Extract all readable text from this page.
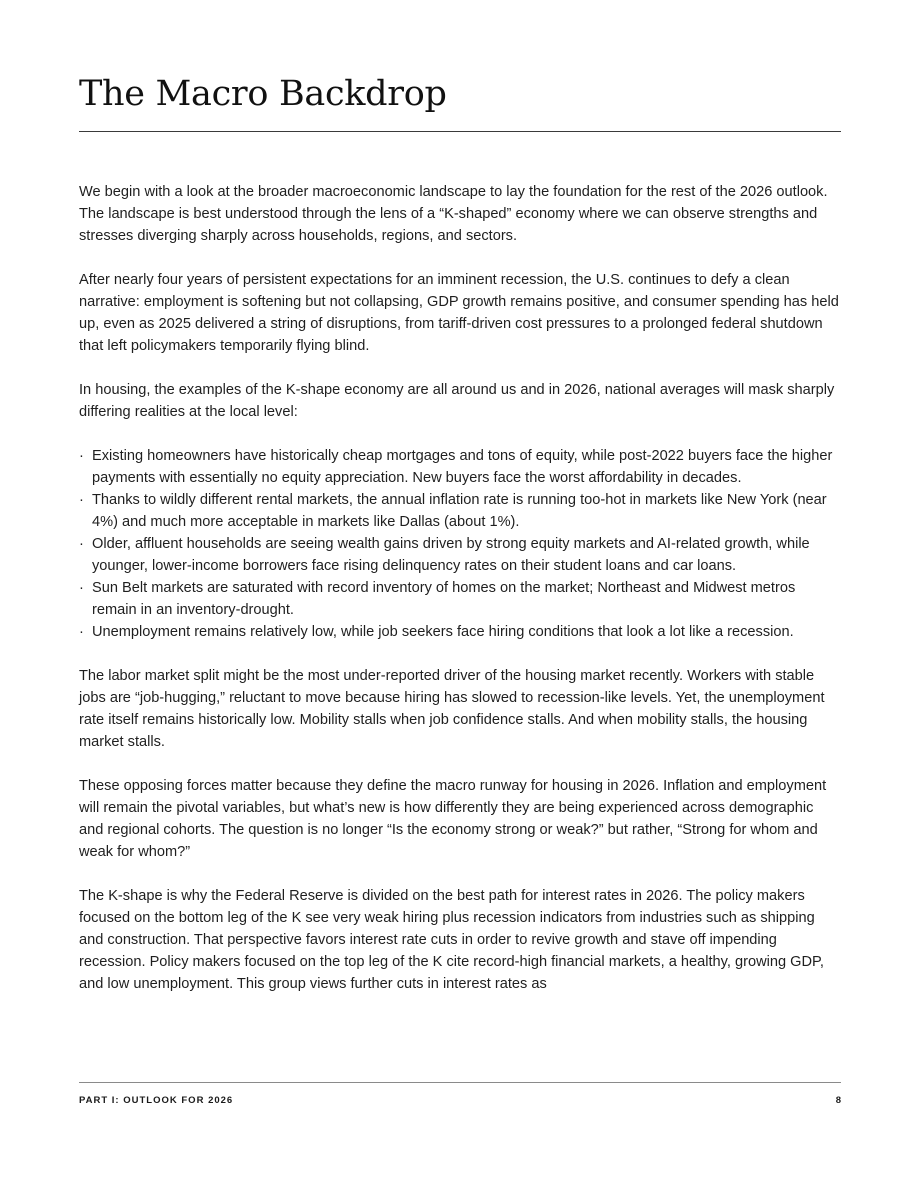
The Macro Backdrop

We begin with a look at the broader macroeconomic landscape to lay the foundation for the rest of the 2026 outlook. The landscape is best understood through the lens of a “K-shaped” economy where we can observe strengths and stresses diverging sharply across households, regions, and sectors.

After nearly four years of persistent expectations for an imminent recession, the U.S. continues to defy a clean narrative: employment is softening but not collapsing, GDP growth remains positive, and consumer spending has held up, even as 2025 delivered a string of disruptions, from tariff-driven cost pressures to a prolonged federal shutdown that left policymakers temporarily flying blind.

In housing, the examples of the K-shape economy are all around us and in 2026, national averages will mask sharply differing realities at the local level:

· Existing homeowners have historically cheap mortgages and tons of equity, while post-2022 buyers face the higher payments with essentially no equity appreciation. New buyers face the worst affordability in decades.
· Thanks to wildly different rental markets, the annual inflation rate is running too-hot in markets like New York (near 4%) and much more acceptable in markets like Dallas (about 1%).
· Older, affluent households are seeing wealth gains driven by strong equity markets and AI-related growth, while younger, lower-income borrowers face rising delinquency rates on their student loans and car loans.
· Sun Belt markets are saturated with record inventory of homes on the market; Northeast and Midwest metros remain in an inventory-drought.
· Unemployment remains relatively low, while job seekers face hiring conditions that look a lot like a recession.

The labor market split might be the most under-reported driver of the housing market recently. Workers with stable jobs are “job-hugging,” reluctant to move because hiring has slowed to recession-like levels. Yet, the unemployment rate itself remains historically low. Mobility stalls when job confidence stalls. And when mobility stalls, the housing market stalls.

These opposing forces matter because they define the macro runway for housing in 2026. Inflation and employment will remain the pivotal variables, but what’s new is how differently they are being experienced across demographic and regional cohorts. The question is no longer “Is the economy strong or weak?” but rather, “Strong for whom and weak for whom?”

The K-shape is why the Federal Reserve is divided on the best path for interest rates in 2026. The policy makers focused on the bottom leg of the K see very weak hiring plus recession indicators from industries such as shipping and construction. That perspective favors interest rate cuts in order to revive growth and stave off impending recession. Policy makers focused on the top leg of the K cite record-high financial markets, a healthy, growing GDP, and low unemployment. This group views further cuts in interest rates as

PART I: OUTLOOK FOR 2026	8
